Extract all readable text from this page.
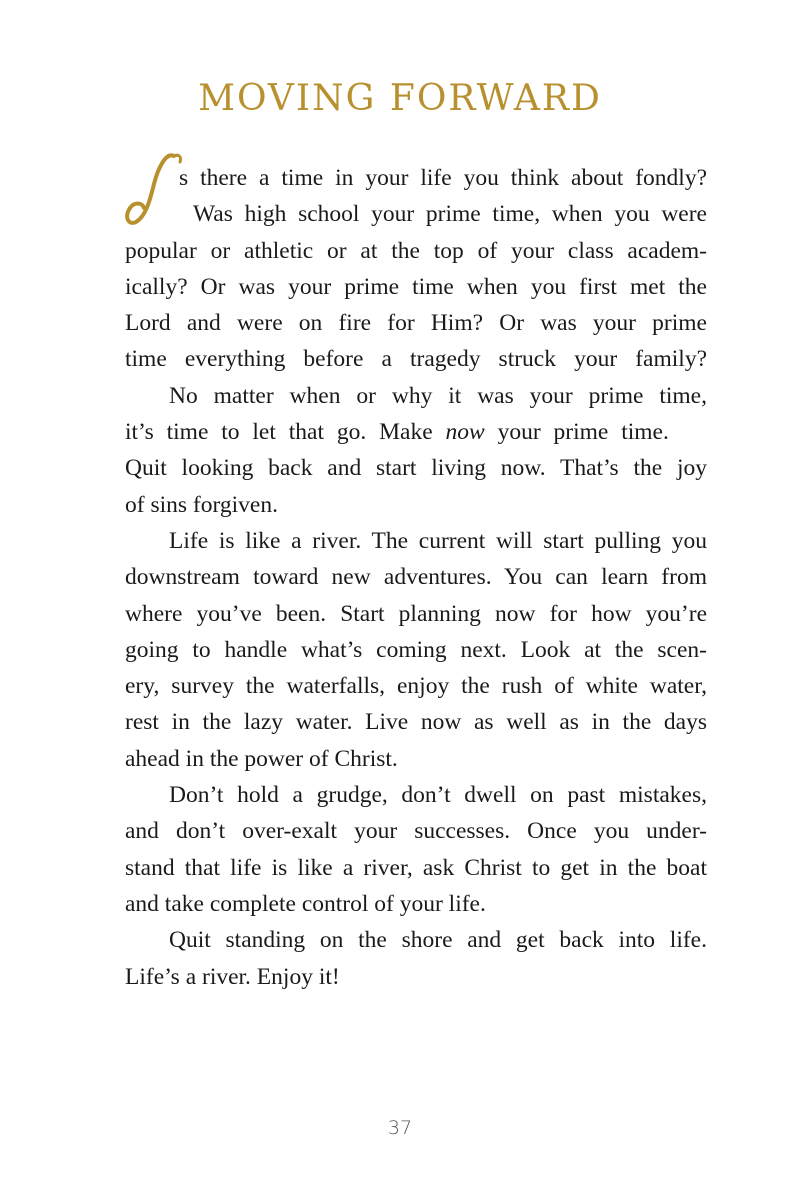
MOVING FORWARD
s there a time in your life you think about fondly?
Was high school your prime time, when you were
popular or athletic or at the top of your class academ-
ically? Or was your prime time when you first met the
Lord and were on fire for Him? Or was your prime
time everything before a tragedy struck your family?
No matter when or why it was your prime time,
it’s time to let that go. Make now your prime time.
Quit looking back and start living now. That’s the joy
of sins forgiven.
Life is like a river. The current will start pulling you
downstream toward new adventures. You can learn from
where you’ve been. Start planning now for how you’re
going to handle what’s coming next. Look at the scen-
ery, survey the waterfalls, enjoy the rush of white water,
rest in the lazy water. Live now as well as in the days
ahead in the power of Christ.
Don’t hold a grudge, don’t dwell on past mistakes,
and don’t over-exalt your successes. Once you under-
stand that life is like a river, ask Christ to get in the boat
and take complete control of your life.
Quit standing on the shore and get back into life.
Life’s a river. Enjoy it!
37
